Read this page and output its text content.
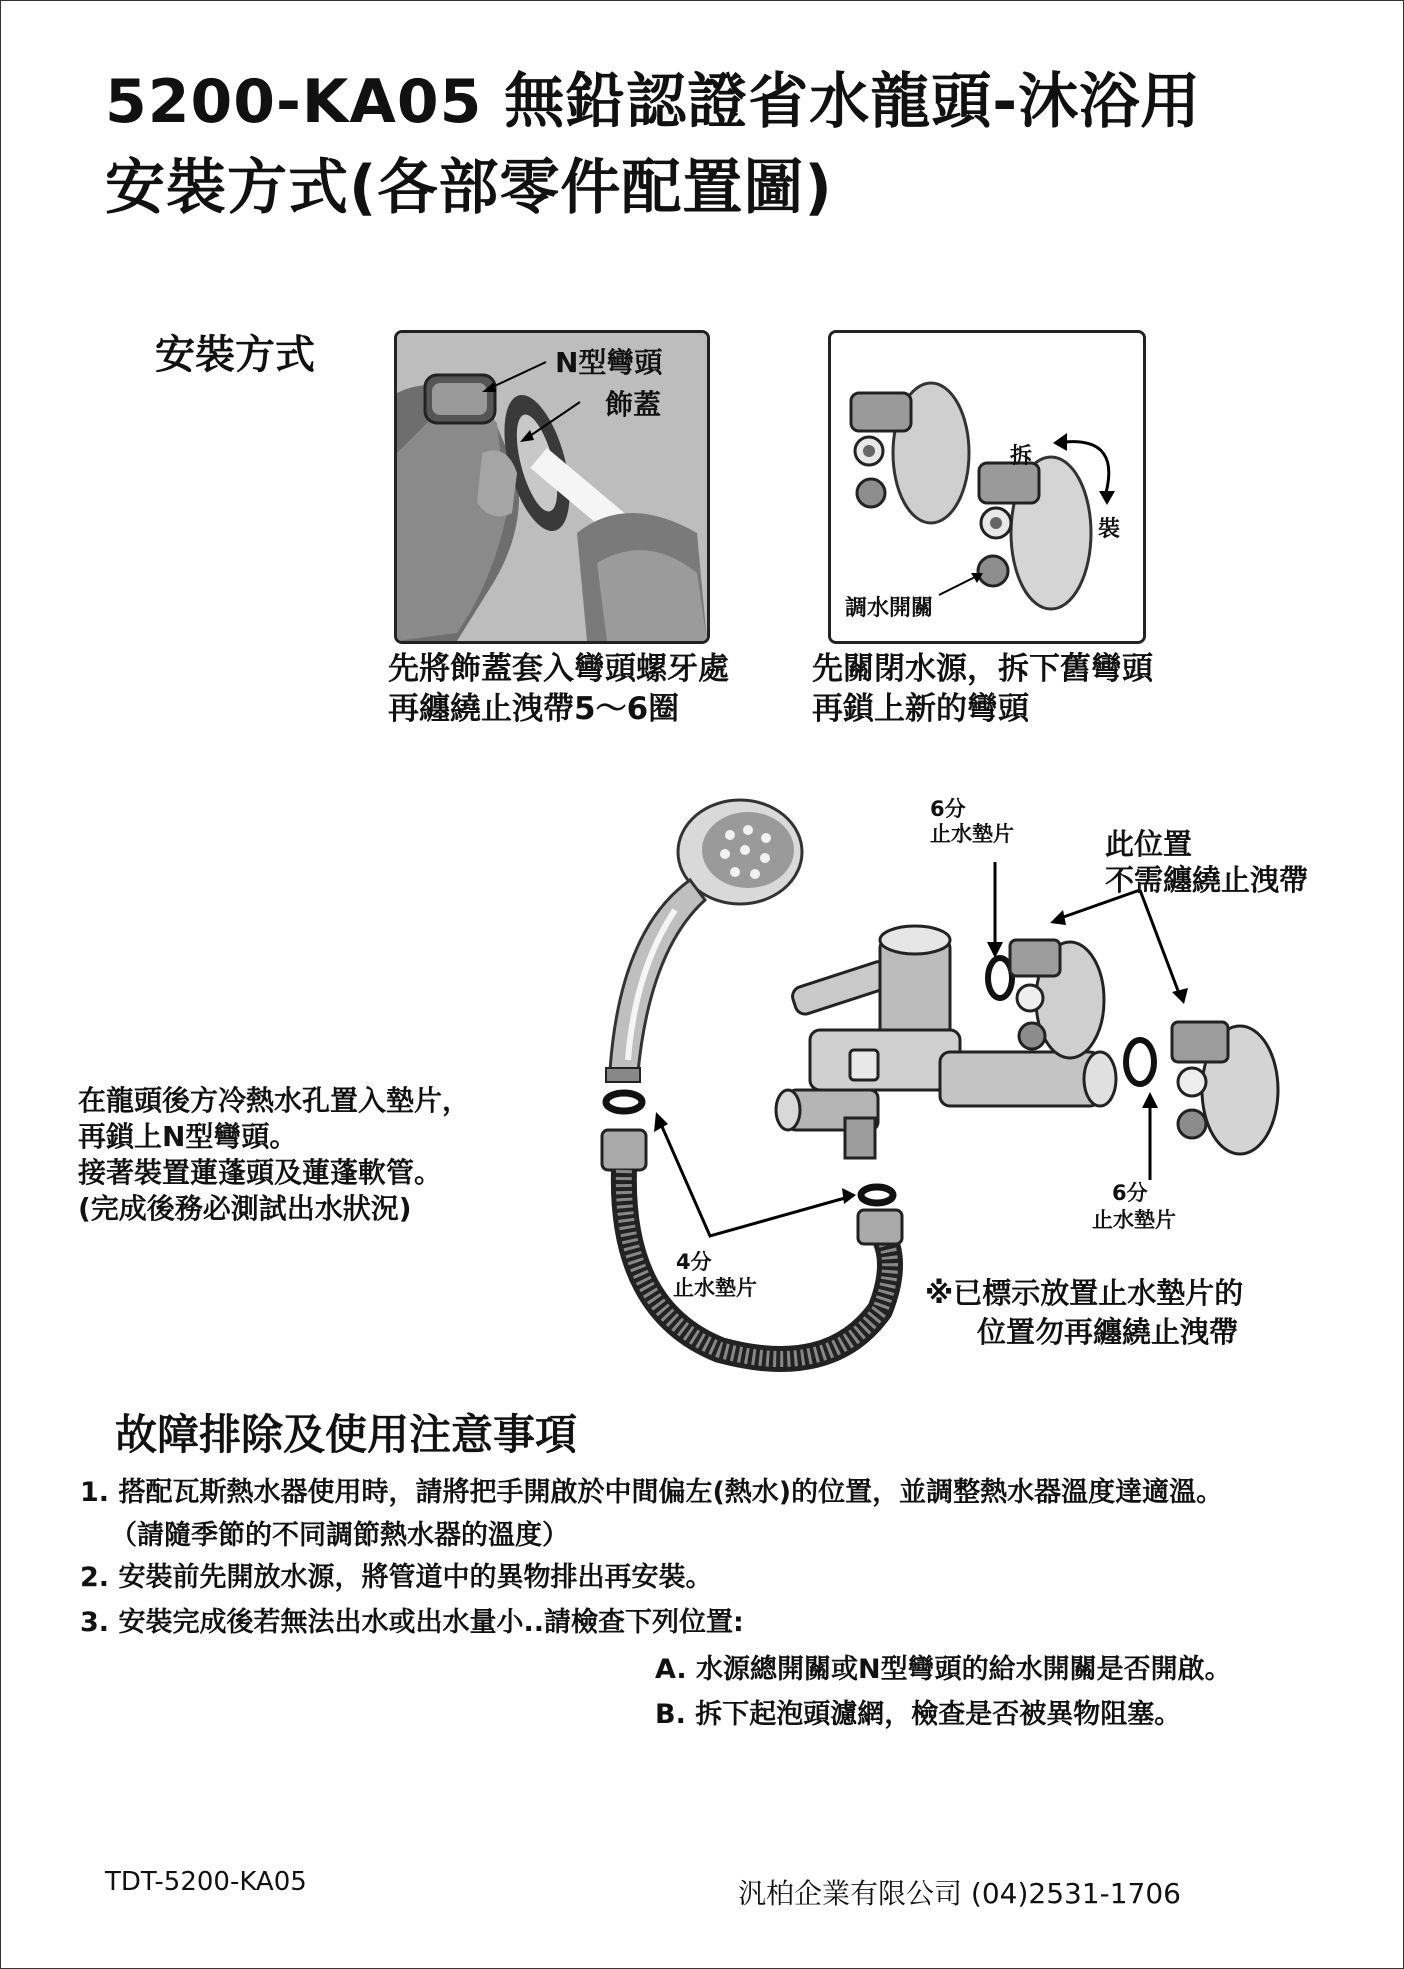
5200-KA05 無鉛認證省水龍頭-沐浴用
安裝方式(各部零件配置圖)
安裝方式	N型彎頭
飾蓋
先將飾蓋套入彎頭螺牙處
再纏繞止洩帶5～6圈
拆
裝
調水開關
先關閉水源，拆下舊彎頭
再鎖上新的彎頭
6分
止水墊片	此位置
不需纏繞止洩帶
6分
止水墊片
4分
止水墊片	※已標示放置止水墊片的
位置勿再纏繞止洩帶
在龍頭後方冷熱水孔置入墊片，
再鎖上N型彎頭。
接著裝置蓮蓬頭及蓮蓬軟管。
(完成後務必測試出水狀況)
故障排除及使用注意事項
1. 搭配瓦斯熱水器使用時，請將把手開啟於中間偏左(熱水)的位置，並調整熱水器溫度達適溫。
（請隨季節的不同調節熱水器的溫度）
2. 安裝前先開放水源，將管道中的異物排出再安裝。
3. 安裝完成後若無法出水或出水量小..請檢查下列位置:
A. 水源總開關或N型彎頭的給水開關是否開啟。
B. 拆下起泡頭濾網，檢查是否被異物阻塞。
TDT-5200-KA05	汎柏企業有限公司 (04)2531-1706
